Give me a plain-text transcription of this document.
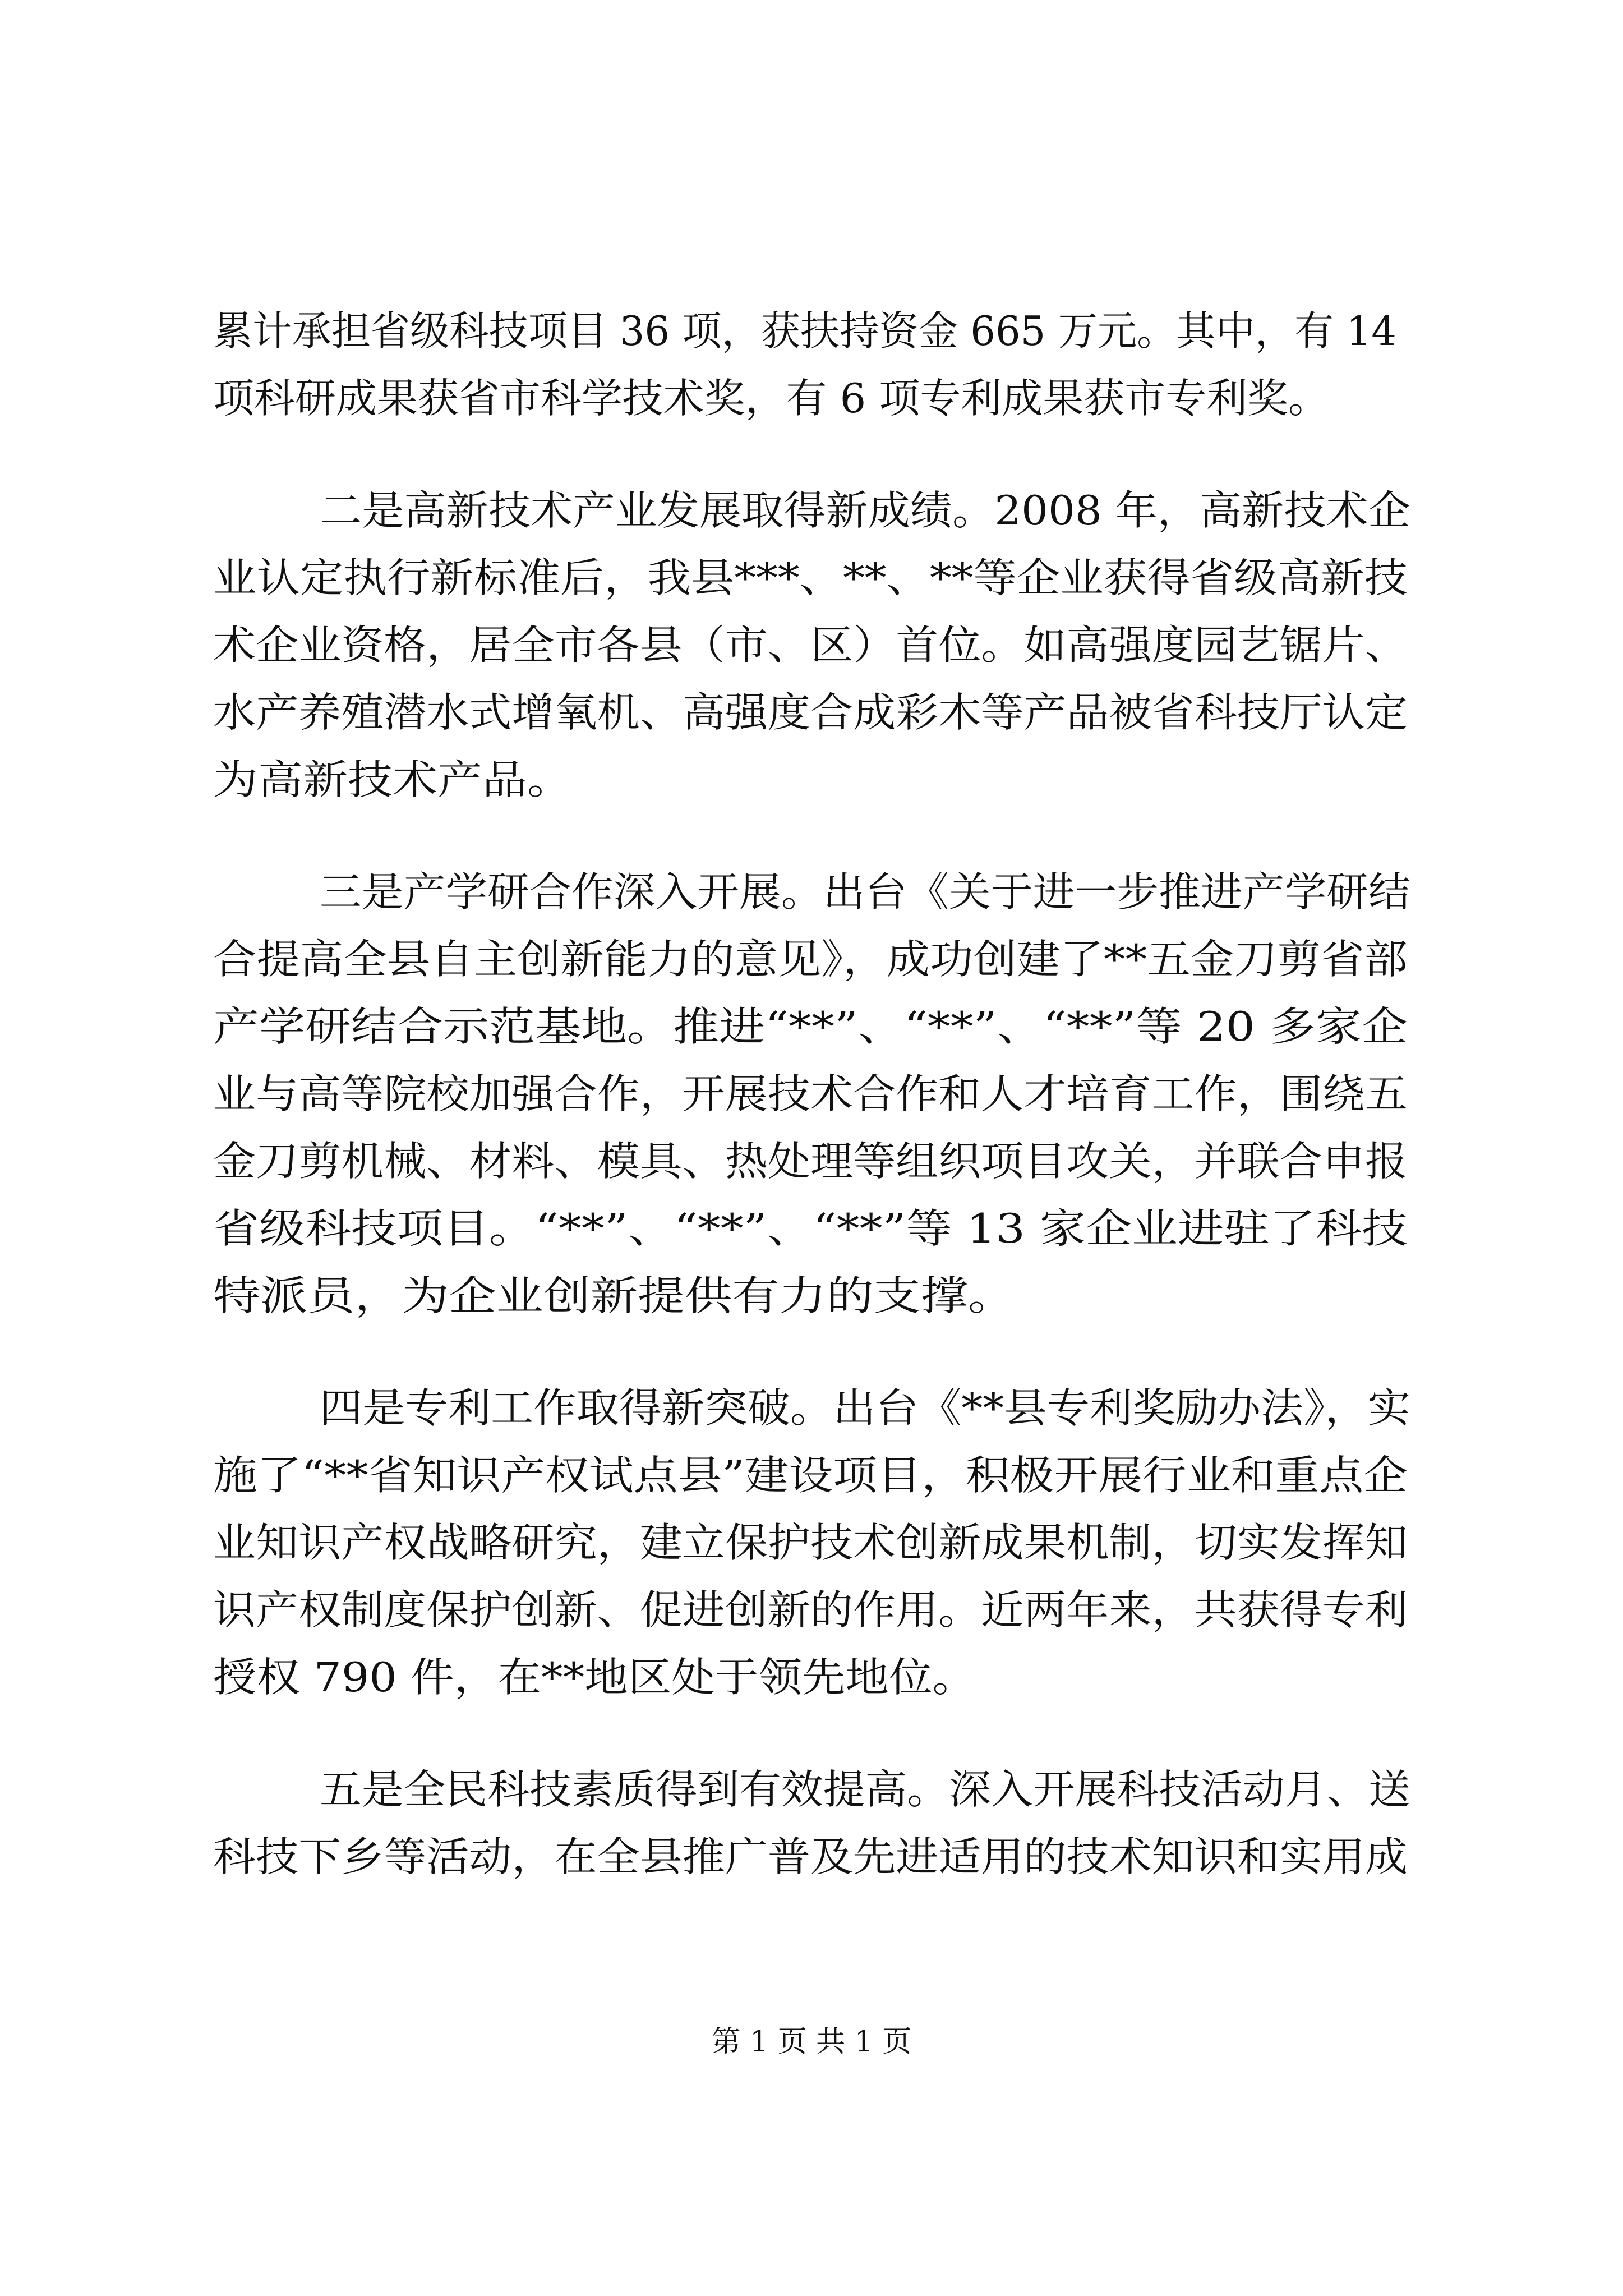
累计承担省级科技项目 36 项，获扶持资金 665 万元。其中，有 14
项科研成果获省市科学技术奖，有 6 项专利成果获市专利奖。
二是高新技术产业发展取得新成绩。2008 年，高新技术企
业认定执行新标准后，我县***、**、**等企业获得省级高新技
术企业资格，居全市各县（市、区）首位。如高强度园艺锯片、
水产养殖潜水式增氧机、高强度合成彩木等产品被省科技厅认定
为高新技术产品。
三是产学研合作深入开展。出台《关于进一步推进产学研结
合提高全县自主创新能力的意见》，成功创建了**五金刀剪省部
产学研结合示范基地。推进“**”、“**”、“**”等 20 多家企
业与高等院校加强合作，开展技术合作和人才培育工作，围绕五
金刀剪机械、材料、模具、热处理等组织项目攻关，并联合申报
省级科技项目。“**”、“**”、“**”等 13 家企业进驻了科技
特派员，为企业创新提供有力的支撑。
四是专利工作取得新突破。出台《**县专利奖励办法》，实
施了“**省知识产权试点县”建设项目，积极开展行业和重点企
业知识产权战略研究，建立保护技术创新成果机制，切实发挥知
识产权制度保护创新、促进创新的作用。近两年来，共获得专利
授权 790 件，在**地区处于领先地位。
五是全民科技素质得到有效提高。深入开展科技活动月、送
科技下乡等活动，在全县推广普及先进适用的技术知识和实用成
第 1 页 共 1 页
